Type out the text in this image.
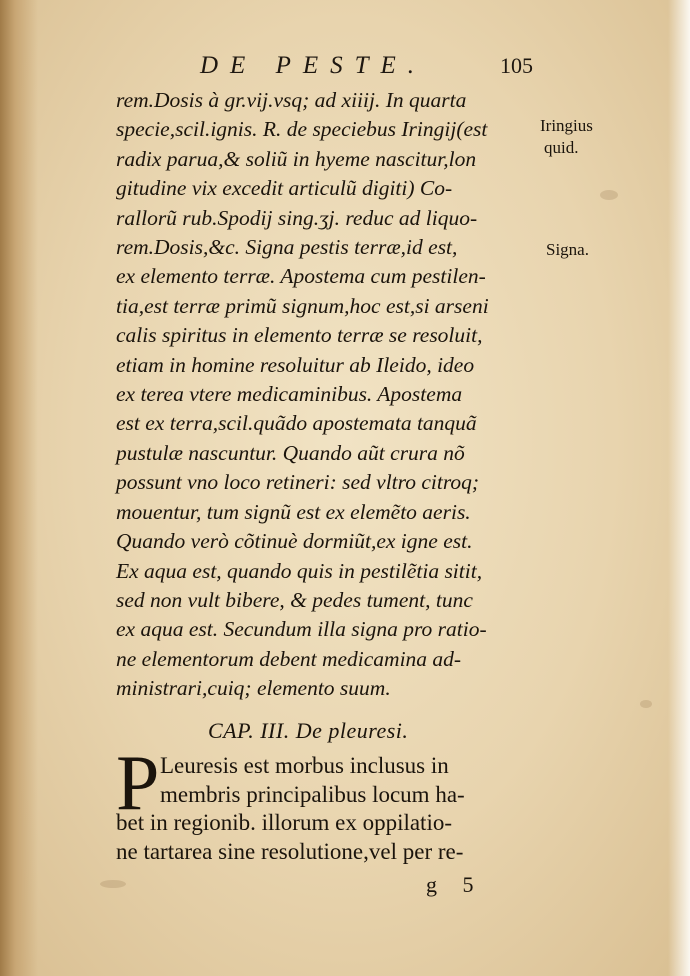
DE PESTE.	105
rem.Dosis à gr.vij.vsq; ad xiiij. In quarta
specie,scil.ignis. R. de speciebus Iringij(est
radix parua,& soliũ in hyeme nascitur,lon
gitudine vix excedit articulũ digiti) Co-
rallorũ rub.Spodij sing.ʒj. reduc ad liquo-
rem.Dosis,&c. Signa pestis terræ,id est,
ex elemento terræ. Apostema cum pestilen-
tia,est terræ primũ signum,hoc est,si arseni
calis spiritus in elemento terræ se resoluit,
etiam in homine resoluitur ab Ileido, ideo
ex terea vtere medicaminibus. Apostema
est ex terra,scil.quãdo apostemata tanquã
pustulæ nascuntur. Quando aũt crura nõ
possunt vno loco retineri: sed vltro citroq;
mouentur, tum signũ est ex elemẽto aeris.
Quando verò cõtinuè dormiũt,ex igne est.
Ex aqua est, quando quis in pestilẽtia sitit,
sed non vult bibere, & pedes tument, tunc
ex aqua est. Secundum illa signa pro ratio-
ne elementorum debent medicamina ad-
ministrari,cuiq; elemento suum.
Iringius
quid.
Signa.
CAP. III. De pleuresi.
P Leuresis est morbus inclusus in
membris principalibus locum ha-
bet in regionib. illorum ex oppilatio-
ne tartarea sine resolutione,vel per re-
g 5
